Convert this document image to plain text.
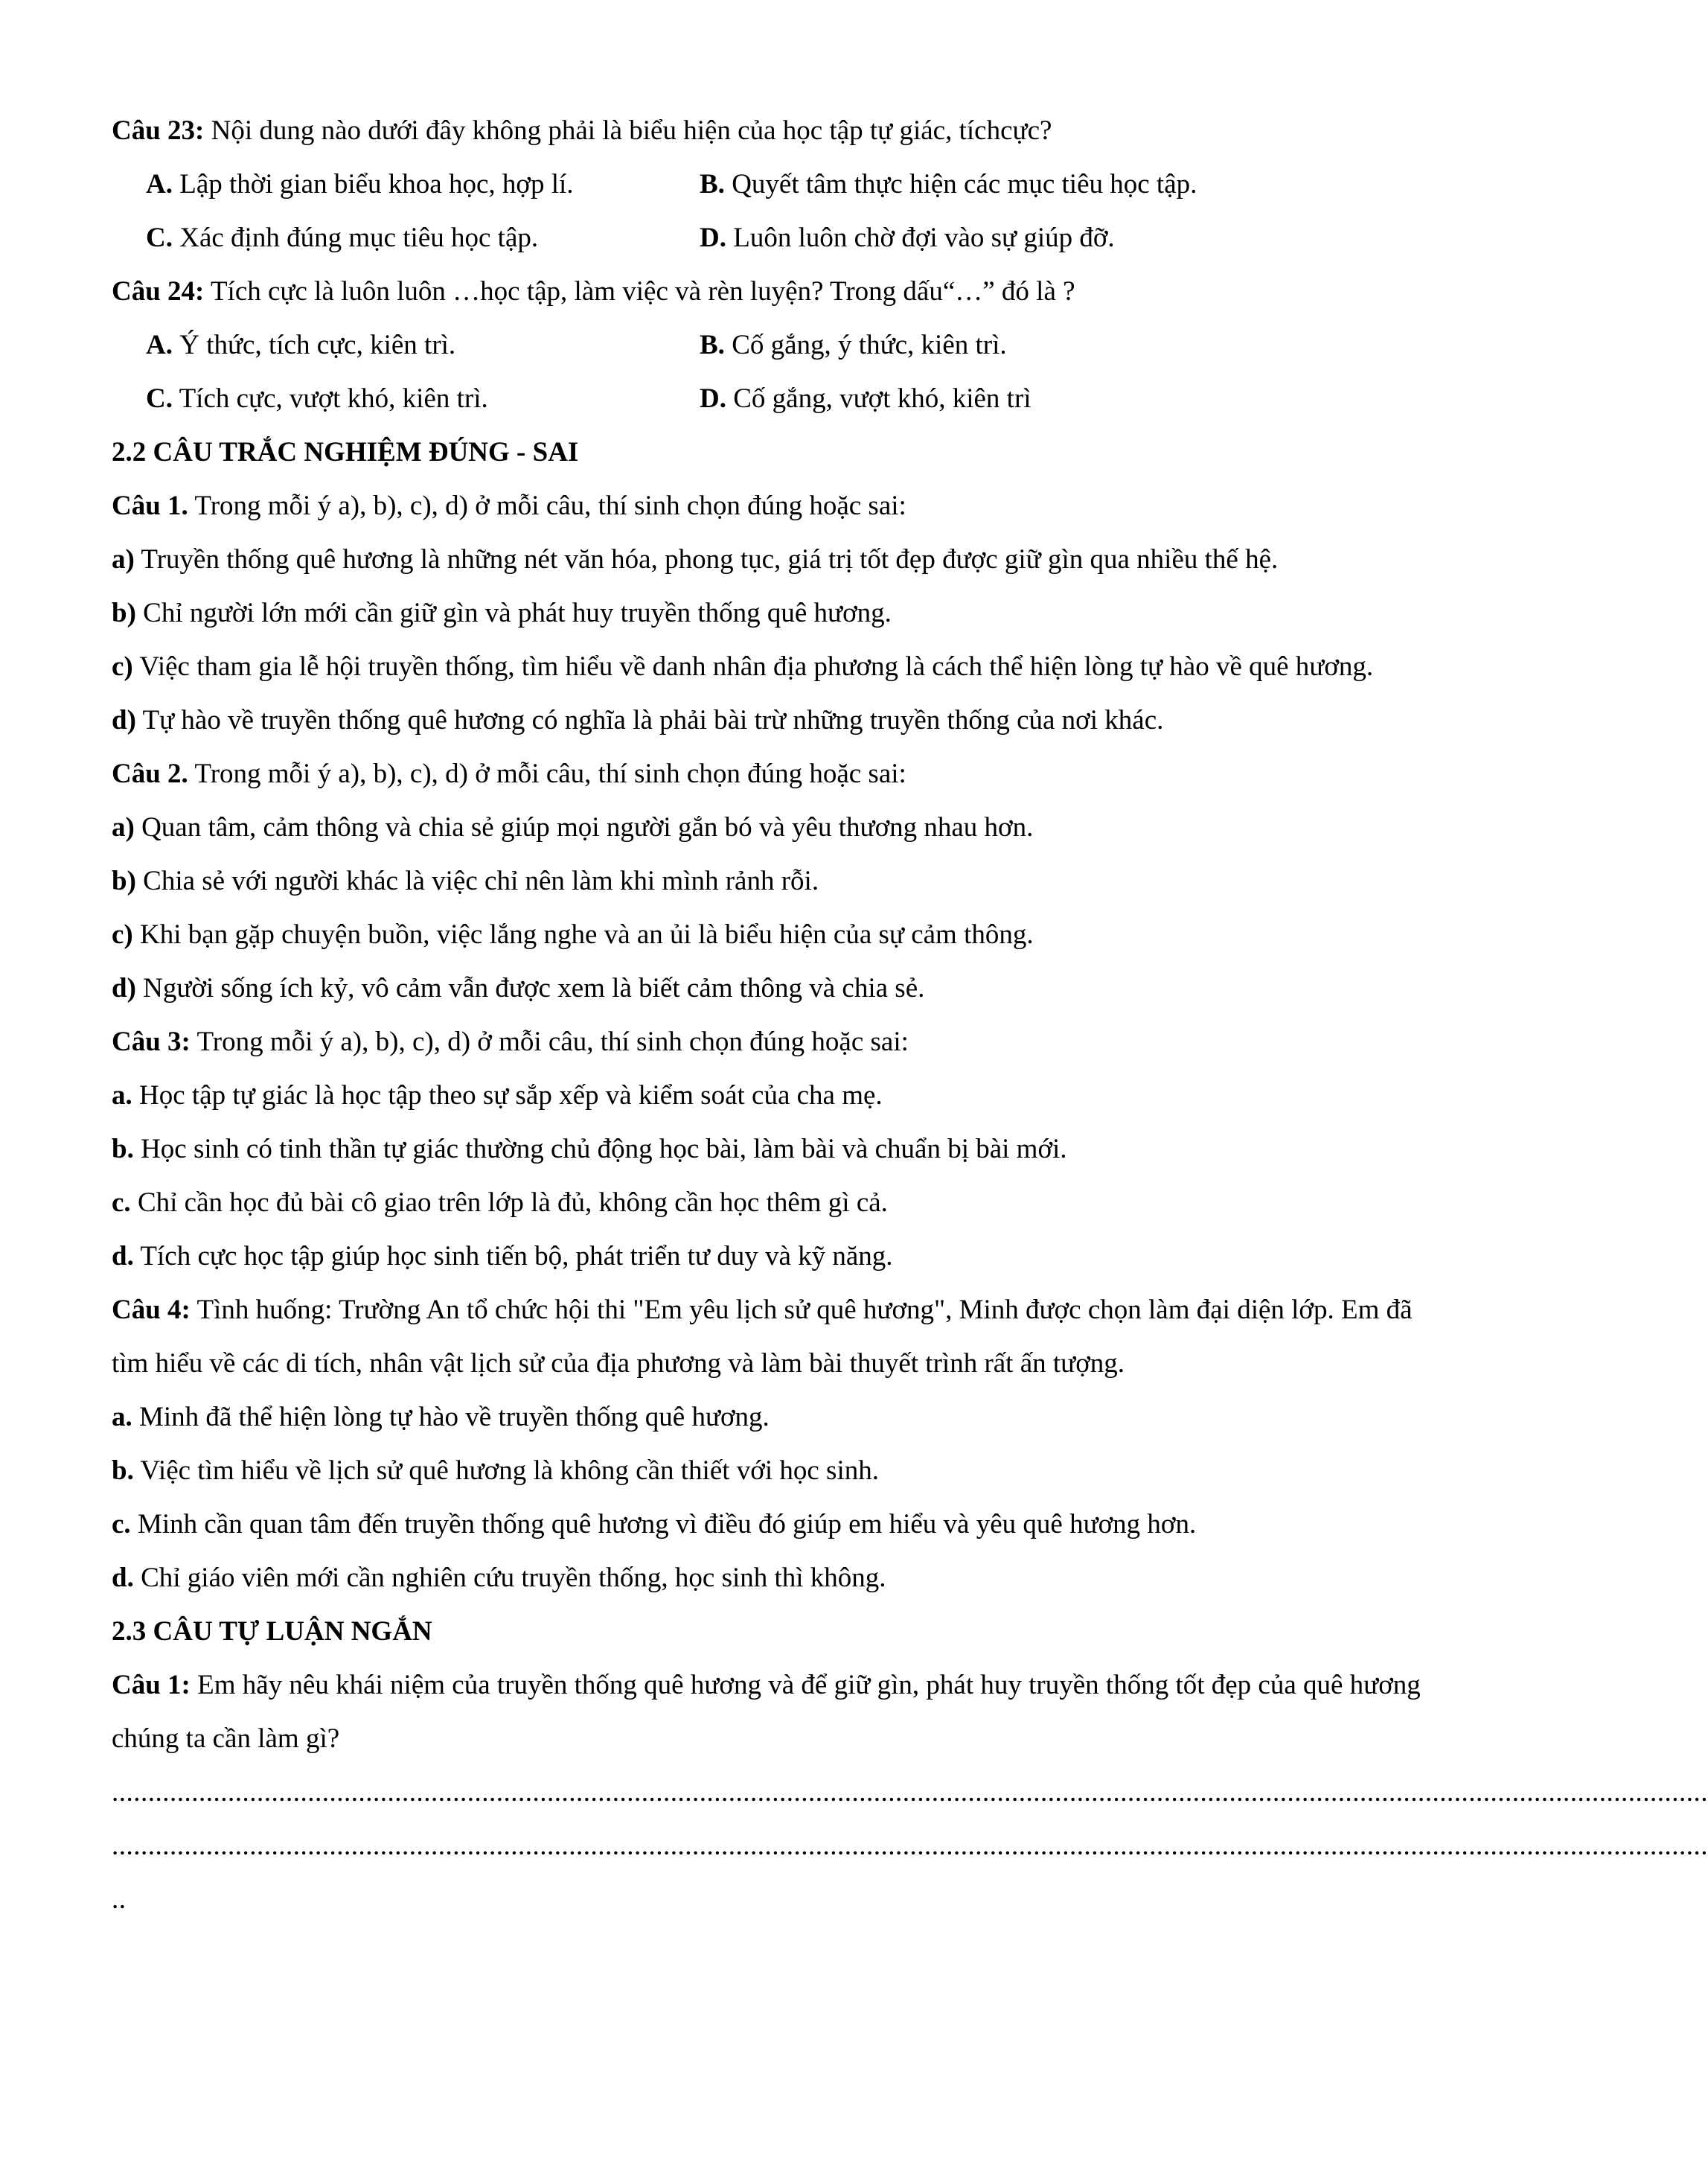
Câu 23: Nội dung nào dưới đây không phải là biểu hiện của học tập tự giác, tíchcực?

A. Lập thời gian biểu khoa học, hợp lí.	B. Quyết tâm thực hiện các mục tiêu học tập.

C. Xác định đúng mục tiêu học tập.	D. Luôn luôn chờ đợi vào sự giúp đỡ.

Câu 24: Tích cực là luôn luôn …học tập, làm việc và rèn luyện? Trong dấu“…” đó là ?

A. Ý thức, tích cực, kiên trì.	B. Cố gắng, ý thức, kiên trì.

C. Tích cực, vượt khó, kiên trì.	D. Cố gắng, vượt khó, kiên trì

2.2 CÂU TRẮC NGHIỆM ĐÚNG - SAI

Câu 1. Trong mỗi ý a), b), c), d) ở mỗi câu, thí sinh chọn đúng hoặc sai:

a) Truyền thống quê hương là những nét văn hóa, phong tục, giá trị tốt đẹp được giữ gìn qua nhiều thế hệ.

b) Chỉ người lớn mới cần giữ gìn và phát huy truyền thống quê hương.

c) Việc tham gia lễ hội truyền thống, tìm hiểu về danh nhân địa phương là cách thể hiện lòng tự hào về quê hương.

d) Tự hào về truyền thống quê hương có nghĩa là phải bài trừ những truyền thống của nơi khác.

Câu 2. Trong mỗi ý a), b), c), d) ở mỗi câu, thí sinh chọn đúng hoặc sai:

a) Quan tâm, cảm thông và chia sẻ giúp mọi người gắn bó và yêu thương nhau hơn.

b) Chia sẻ với người khác là việc chỉ nên làm khi mình rảnh rỗi.

c) Khi bạn gặp chuyện buồn, việc lắng nghe và an ủi là biểu hiện của sự cảm thông.

d) Người sống ích kỷ, vô cảm vẫn được xem là biết cảm thông và chia sẻ.

Câu 3: Trong mỗi ý a), b), c), d) ở mỗi câu, thí sinh chọn đúng hoặc sai:

a. Học tập tự giác là học tập theo sự sắp xếp và kiểm soát của cha mẹ.

b. Học sinh có tinh thần tự giác thường chủ động học bài, làm bài và chuẩn bị bài mới.

c. Chỉ cần học đủ bài cô giao trên lớp là đủ, không cần học thêm gì cả.

d. Tích cực học tập giúp học sinh tiến bộ, phát triển tư duy và kỹ năng.

Câu 4: Tình huống: Trường An tổ chức hội thi "Em yêu lịch sử quê hương", Minh được chọn làm đại diện lớp. Em đã tìm hiểu về các di tích, nhân vật lịch sử của địa phương và làm bài thuyết trình rất ấn tượng.

a. Minh đã thể hiện lòng tự hào về truyền thống quê hương.

b. Việc tìm hiểu về lịch sử quê hương là không cần thiết với học sinh.

c. Minh cần quan tâm đến truyền thống quê hương vì điều đó giúp em hiểu và yêu quê hương hơn.

d. Chỉ giáo viên mới cần nghiên cứu truyền thống, học sinh thì không.

2.3 CÂU TỰ LUẬN NGẮN

Câu 1: Em hãy nêu khái niệm của truyền thống quê hương và để giữ gìn, phát huy truyền thống tốt đẹp của quê hương chúng ta cần làm gì?

............................................................................................................................................................................................................................

............................................................................................................................................................................................................................

..
